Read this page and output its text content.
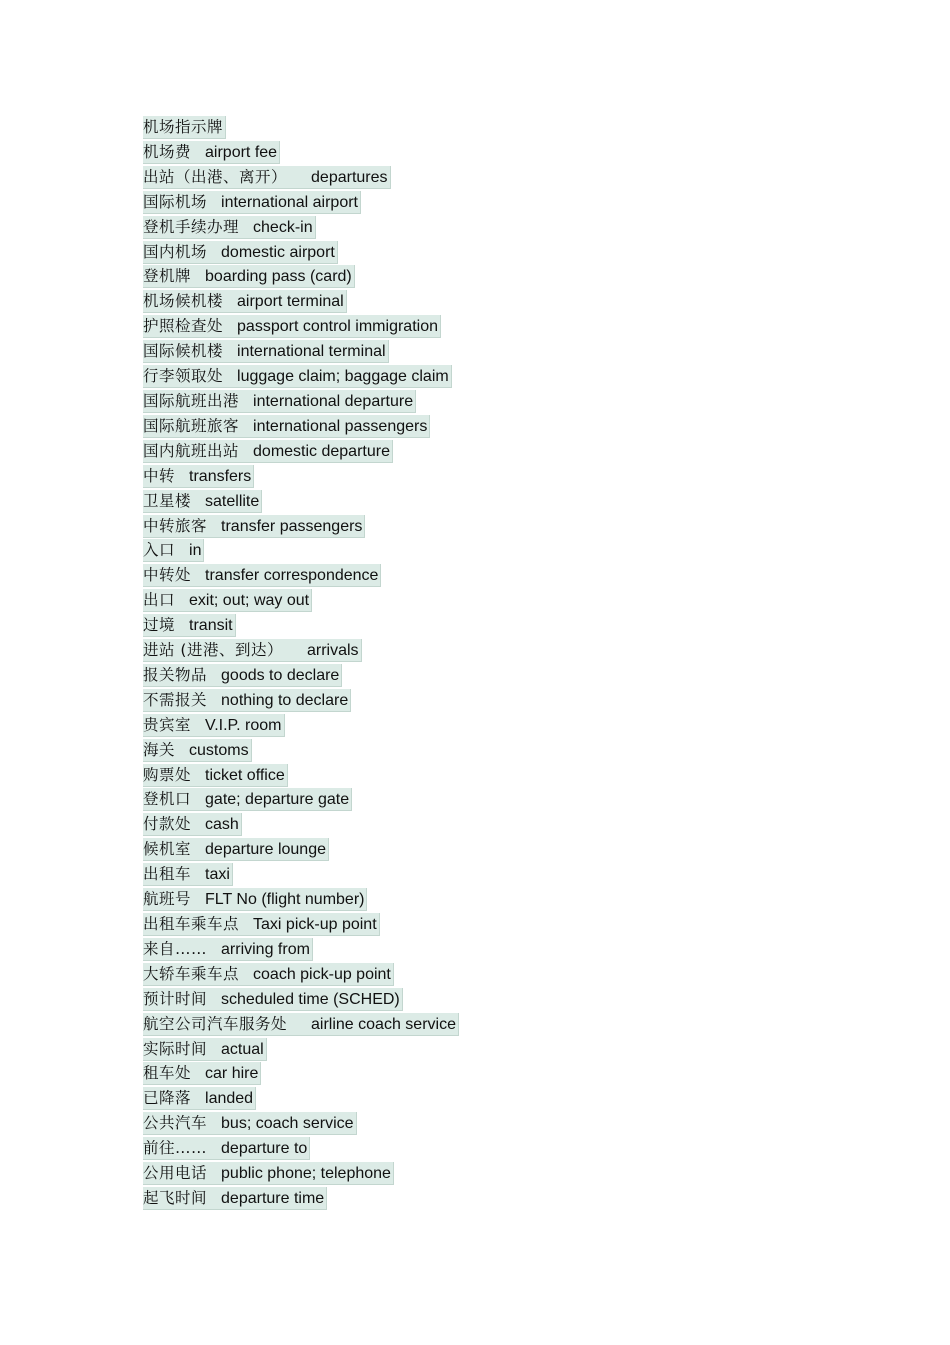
机场指示牌
机场费 airport fee
出站（出港、离开） departures
国际机场 international airport
登机手续办理 check-in
国内机场 domestic airport
登机牌 boarding pass (card)
机场候机楼 airport terminal
护照检查处 passport control immigration
国际候机楼 international terminal
行李领取处 luggage claim; baggage claim
国际航班出港 international departure
国际航班旅客 international passengers
国内航班出站 domestic departure
中转 transfers
卫星楼 satellite
中转旅客 transfer passengers
入口 in
中转处 transfer correspondence
出口 exit; out; way out
过境 transit
进站 (进港、到达） arrivals
报关物品 goods to declare
不需报关 nothing to declare
贵宾室 V.I.P. room
海关 customs
购票处 ticket office
登机口 gate; departure gate
付款处 cash
候机室 departure lounge
出租车 taxi
航班号 FLT No (flight number)
出租车乘车点 Taxi pick-up point
来自…… arriving from
大轿车乘车点 coach pick-up point
预计时间 scheduled time (SCHED)
航空公司汽车服务处 airline coach service
实际时间 actual
租车处 car hire
已降落 landed
公共汽车 bus; coach service
前往…… departure to
公用电话 public phone; telephone
起飞时间 departure time
